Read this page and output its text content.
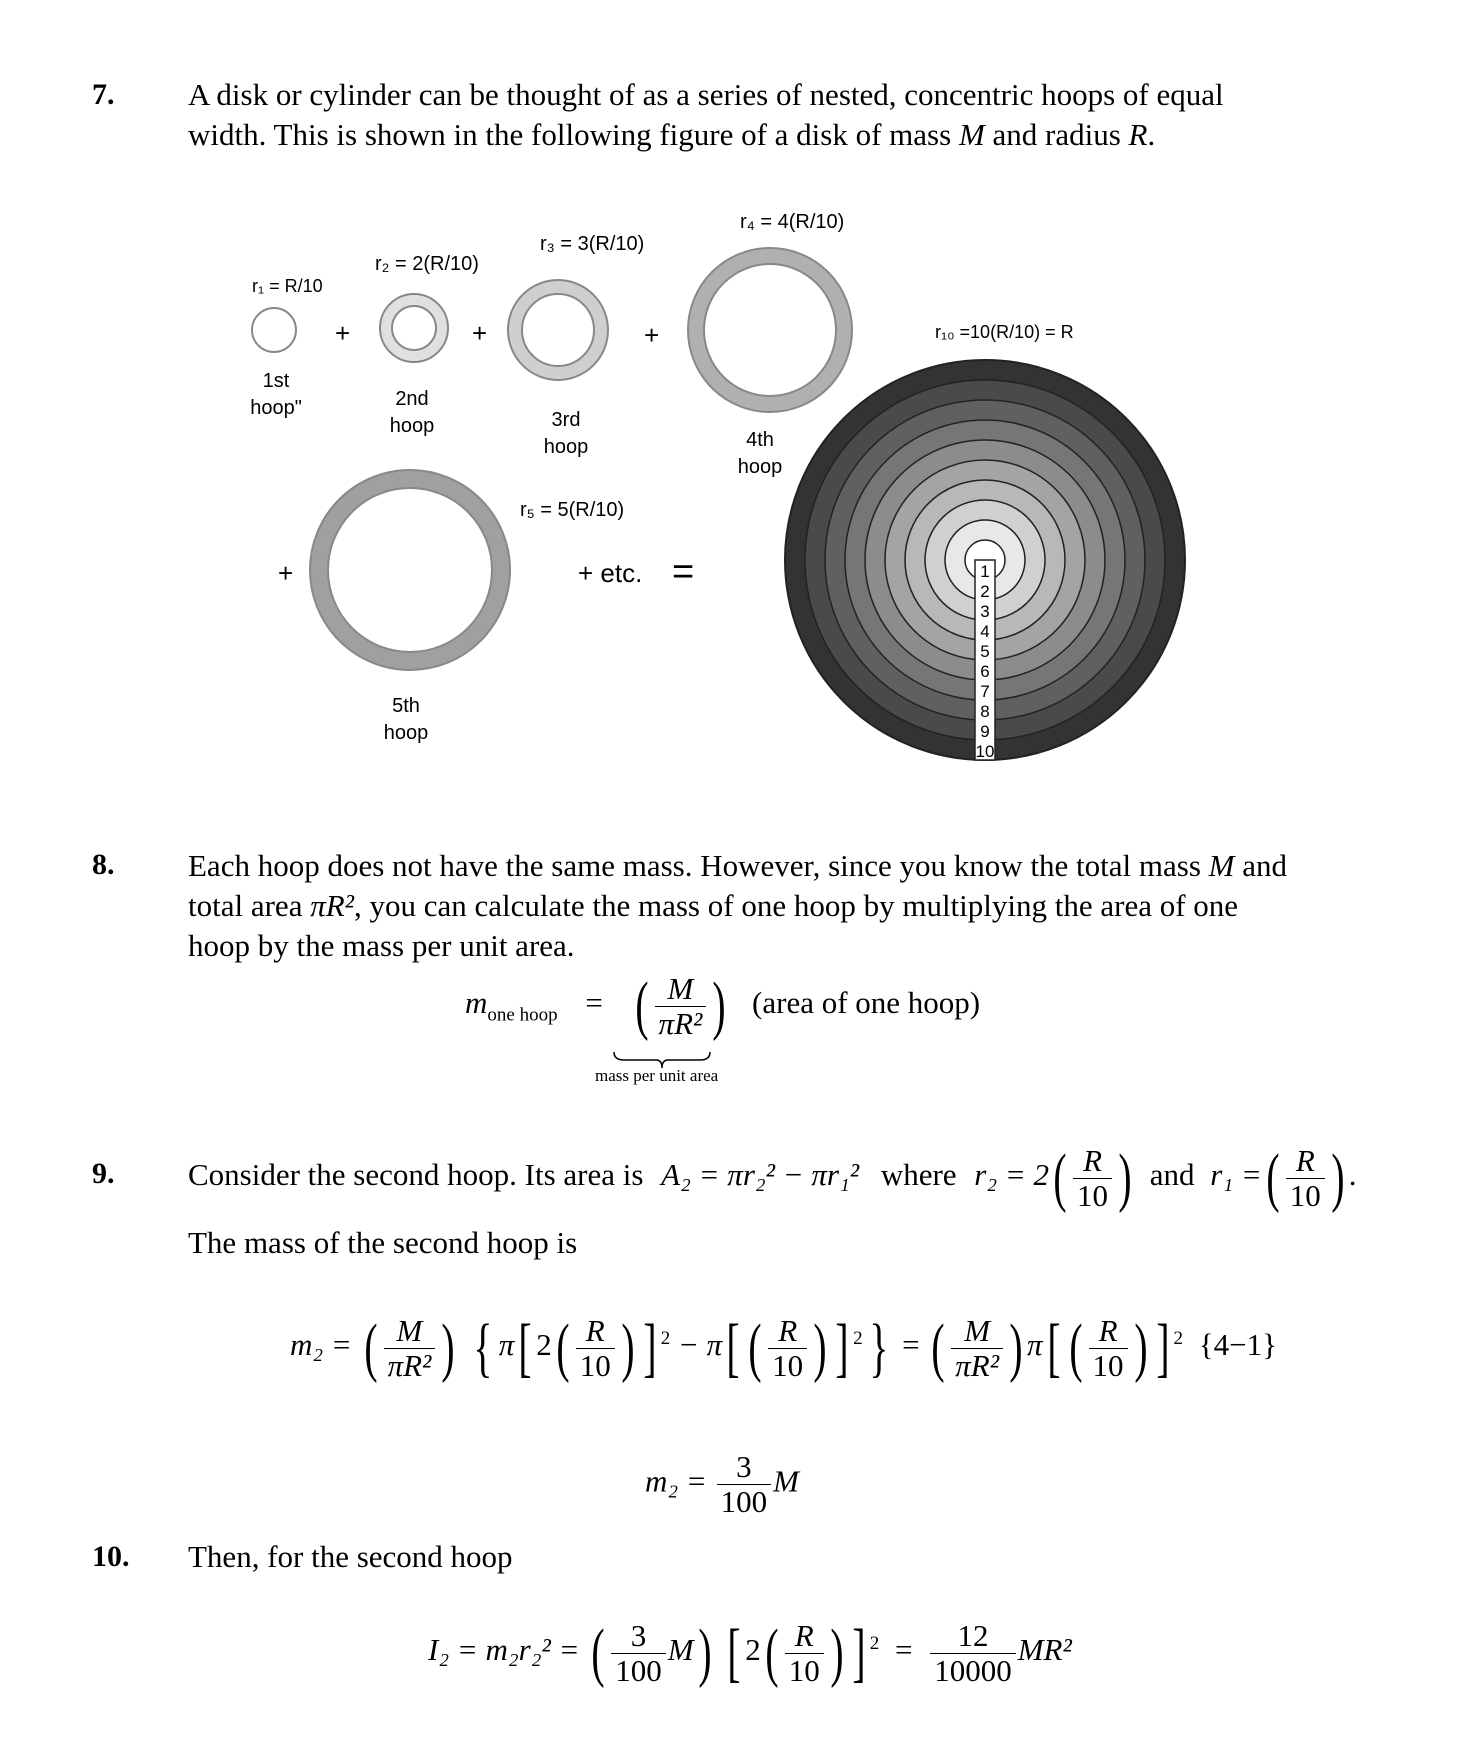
7. A disk or cylinder can be thought of as a series of nested, concentric hoops of equal
width. This is shown in the following figure of a disk of mass M and radius R.
1
2
3
4
5
6
7
8
9
10
r₁ = R/10
r₂ = 2(R/10)
r₃ = 3(R/10)
r₄ = 4(R/10)
r₅ = 5(R/10)
r₁₀ =10(R/10) = R
+	+	+
+	+ etc. =
1st
hoop"	2nd
hoop	3rd
hoop	4th
hoop
5th
hoop
8. Each hoop does not have the same mass. However, since you know the total mass M and
total area πR², you can calculate the mass of one hoop by multiplying the area of one
hoop by the mass per unit area.
$m_{one hoop}$ = ( $\frac{M}{\text{πR²}}$ ) (area of one hoop)
mass per unit area
9. Consider the second hoop. Its area is A₂ = πr₂² − πr₁² where $r_2 = 2( \frac{R}{10}$ ) and r₁ =( $\frac{R}{10}$ ) .
The mass of the second hoop is
m₂ = ( $\frac{M}{\text{πR²}}$ ) { π[ $2( \frac{R}{10}$ ) ] $^2$ − π[ ( $\frac{R}{10}$ ) ] $^2$} = ( $\frac{M}{\text{πR²}}$ ) π[ ( $\frac{R}{10}$ ) ] $^2$ {4−1}
$m_2 = \frac{3}{100}$ M
10. Then, for the second hoop
I₂ = m₂r₂² = ( $\frac{3}{100} M$) [ $2( \frac{R}{10}$ ) ] $^2 = \frac{12}{10000} MR^2$
